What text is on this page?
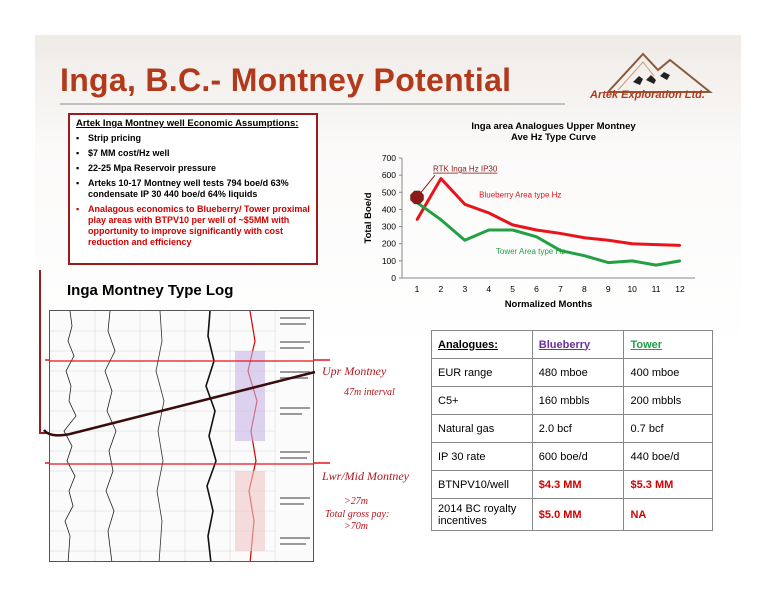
Inga, B.C.- Montney Potential	Artek Exploration Ltd.
Artek Inga Montney well Economic Assumptions:
▪ Strip pricing
▪ $7 MM cost/Hz well
▪ 22-25 Mpa Reservoir pressure
▪ Arteks 10-17 Montney well tests 794 boe/d 63% condensate IP 30 440 boe/d 64% liquids
▪ Analagous economics to Blueberry/ Tower proximal play areas with BTPV10 per well of ~$5MM with opportunity to improve significantly with cost reduction and efficiency
Inga Montney Type Log
Upr Montney
47m interval
Lwr/Mid Montney
>27m
Total gross pay:
>70m
Inga area Analogues Upper Montney
Ave Hz Type Curve
0
100
200
300
400
500
600
700
1 2 3 4 5 6 7 8 9 10 11 12
Normalized Months
Total Boe/d	Blueberry Area type Hz
Tower Area type Hz
RTK Inga Hz IP30
Analogues:	Blueberry	Tower
EUR range	480 mboe	400 mboe
C5+	160 mbbls	200 mbbls
Natural gas	2.0 bcf	0.7 bcf
IP 30 rate	600 boe/d	440 boe/d
BTNPV10/well	$4.3 MM	$5.3 MM
2014 BC royalty incentives	$5.0 MM	NA
